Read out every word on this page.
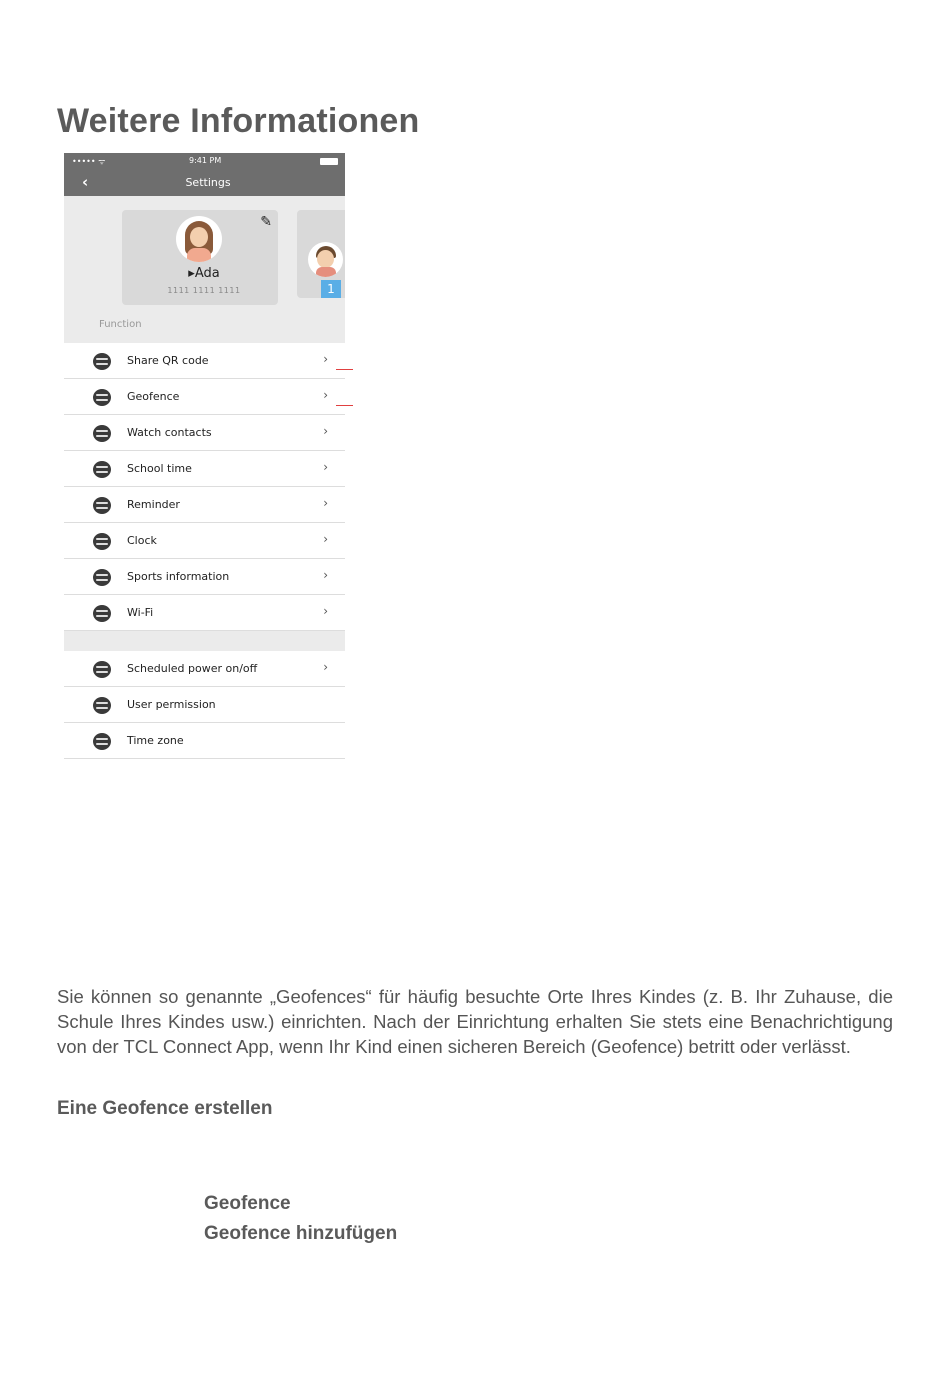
Weitere Informationen
••••• ᯤ	9:41 PM
‹	Settings
✎
▸Ada
1111 1111 1111	1
Function
Share QR code	›
Geofence	›
Watch contacts	›
School time	›
Reminder	›
Clock	›
Sports information	›
Wi-Fi	›
Scheduled power on/off	›
User permission
Time zone

Sie können so genannte „Geofences“ für häufig besuchte Orte Ihres Kindes (z. B. Ihr Zuhause, die Schule Ihres Kindes usw.) einrichten. Nach der Einrichtung erhalten Sie stets eine Benachrichtigung von der TCL Connect App, wenn Ihr Kind einen sicheren Bereich (Geofence) betritt oder verlässt.

Eine Geofence erstellen

Geofence

Geofence hinzufügen
